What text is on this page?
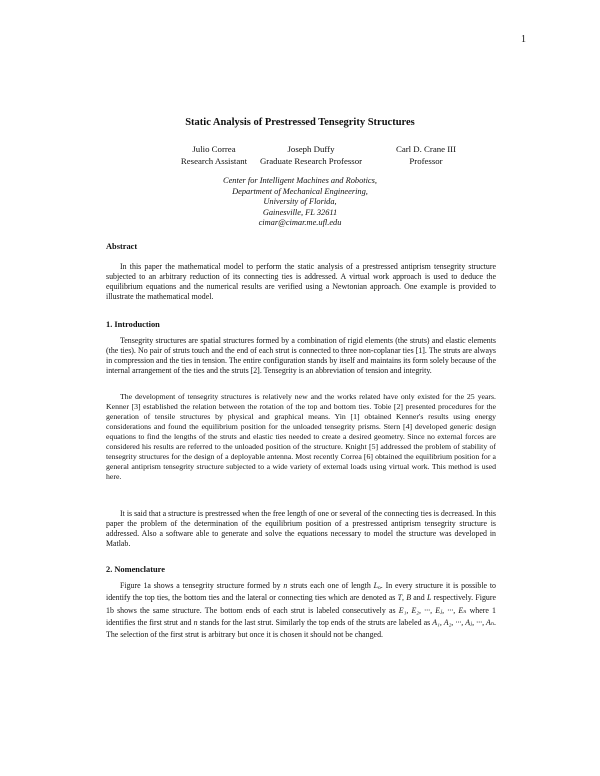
1
Static Analysis of Prestressed Tensegrity Structures
Julio Correa
Research Assistant
Joseph Duffy
Graduate Research Professor
Carl D. Crane III
Professor
Center for Intelligent Machines and Robotics,
Department of Mechanical Engineering,
University of Florida,
Gainesville, FL 32611
cimar@cimar.me.ufl.edu
Abstract

In this paper the mathematical model to perform the static analysis of a prestressed antiprism tensegrity structure subjected to an arbitrary reduction of its connecting ties is addressed. A virtual work approach is used to deduce the equilibrium equations and the numerical results are verified using a Newtonian approach. One example is provided to illustrate the mathematical model.

1. Introduction

Tensegrity structures are spatial structures formed by a combination of rigid elements (the struts) and elastic elements (the ties). No pair of struts touch and the end of each strut is connected to three non-coplanar ties [1]. The struts are always in compression and the ties in tension. The entire configuration stands by itself and maintains its form solely because of the internal arrangement of the ties and the struts [2]. Tensegrity is an abbreviation of tension and integrity.

The development of tensegrity structures is relatively new and the works related have only existed for the 25 years. Kenner [3] established the relation between the rotation of the top and bottom ties. Tobie [2] presented procedures for the generation of tensile structures by physical and graphical means. Yin [1] obtained Kenner's results using energy considerations and found the equilibrium position for the unloaded tensegrity prisms. Stern [4] developed generic design equations to find the lengths of the struts and elastic ties needed to create a desired geometry. Since no external forces are considered his results are referred to the unloaded position of the structure. Knight [5] addressed the problem of stability of tensegrity structures for the design of a deployable antenna. Most recently Correa [6] obtained the equilibrium position for a general antiprism tensegrity structure subjected to a wide variety of external loads using virtual work. This method is used here.

It is said that a structure is prestressed when the free length of one or several of the connecting ties is decreased. In this paper the problem of the determination of the equilibrium position of a prestressed antiprism tensegrity structure is addressed. Also a software able to generate and solve the equations necessary to model the structure was developed in Matlab.

2. Nomenclature

Figure 1a shows a tensegrity structure formed by n struts each one of length $L_o$. In every structure it is possible to identify the top ties, the bottom ties and the lateral or connecting ties which are denoted as T, B and L respectively. Figure 1b shows the same structure. The bottom ends of each strut is labeled consecutively as E₁, E₂, ···, Eⱼ, ···, Eₙ where 1 identifies the first strut and n stands for the last strut. Similarly the top ends of the struts are labeled as A₁, A₂, ···, Aⱼ, ···, Aₙ. The selection of the first strut is arbitrary but once it is chosen it should not be changed.
